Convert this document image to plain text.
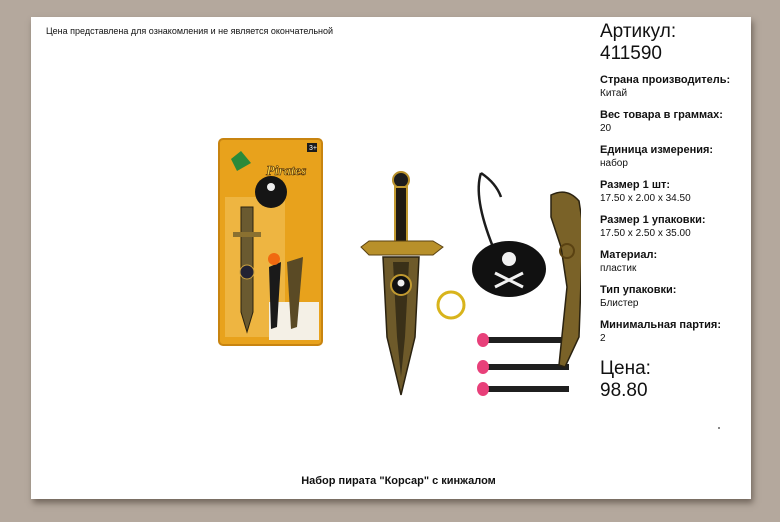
Цена представлена для ознакомления и не является окончательной
3+
Pirates
Набор пирата "Корсар" с кинжалом
Артикул:
411590
Страна производитель:
Китай
Вес товара в граммах:
20
Единица измерения:
набор
Размер 1 шт:
17.50 x 2.00 x 34.50
Размер 1 упаковки:
17.50 x 2.50 x 35.00
Материал:
пластик
Тип упаковки:
Блистер
Минимальная партия:
2
Цена:
98.80
